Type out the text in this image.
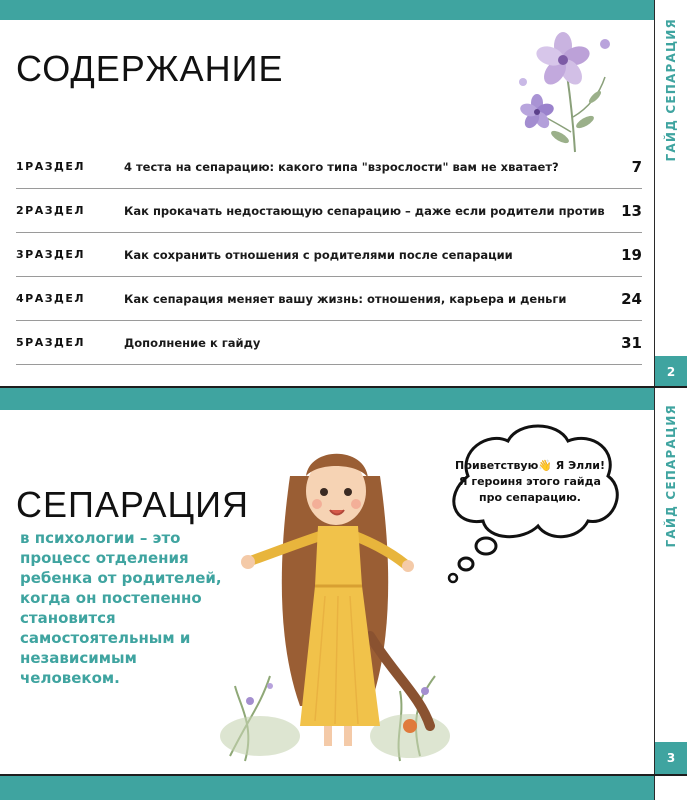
ГАЙД СЕПАРАЦИЯ
2
СОДЕРЖАНИЕ
1РАЗДЕЛ	4 теста на сепарацию: какого типа "взрослости" вам не хватает?	7
2РАЗДЕЛ	Как прокачать недостающую сепарацию – даже если родители против	13
3РАЗДЕЛ	Как сохранить отношения с родителями после сепарации	19
4РАЗДЕЛ	Как сепарация меняет вашу жизнь: отношения, карьера и деньги	24
5РАЗДЕЛ	Дополнение к гайду	31
ГАЙД СЕПАРАЦИЯ
3
СЕПАРАЦИЯ
в психологии – это процесс отделения ребенка от родителей, когда он постепенно становится самостоятельным и независимым человеком.
Приветствую👋 Я Элли!
Я героиня этого гайда
про сепарацию.
